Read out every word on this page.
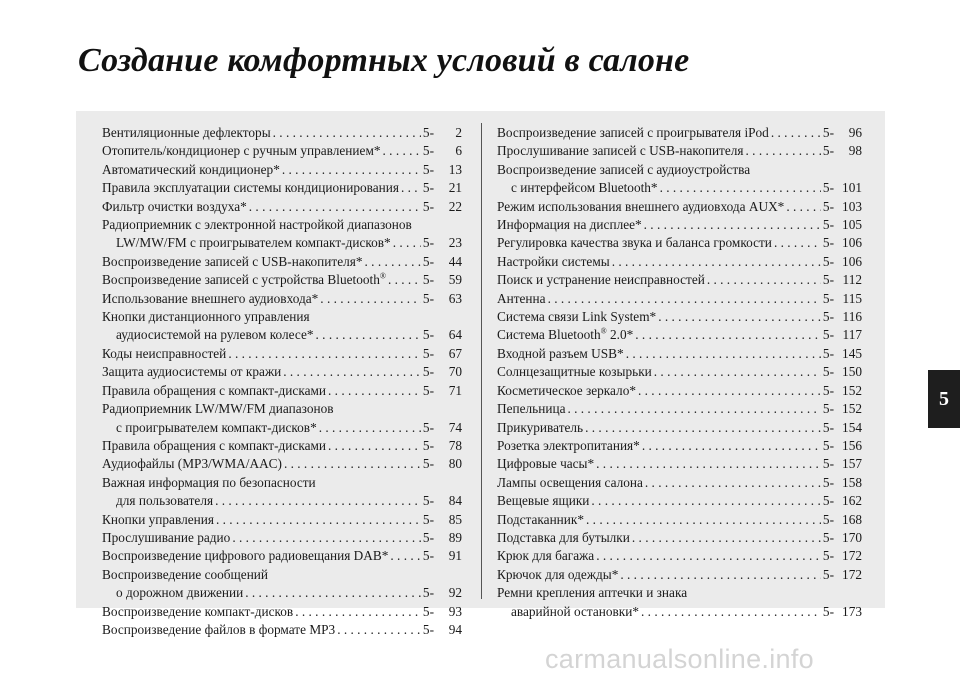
Создание комфортных условий в салоне
Вентиляционные дефлекторы . . .	5-	2
Отопитель/кондиционер с ручным управлением* . . .	5-	6
Автоматический кондиционер* . . .	5-	13
Правила эксплуатации системы кондиционирования . . . 5-	21
Фильтр очистки воздуха* . . .	5-	22
Радиоприемник с электронной настройкой диапазонов
LW/MW/FM с проигрывателем компакт-дисков* . . . 5-	23
Воспроизведение записей с USB-накопителя* . . .	5-	44
Воспроизведение записей с устройства Bluetooth® . . .	5-	59
Использование внешнего аудиовхода* . . .	5-	63
Кнопки дистанционного управления
аудиосистемой на рулевом колесе* . . .	5-	64
Коды неисправностей . . .	5-	67
Защита аудиосистемы от кражи . . .	5-	70
Правила обращения с компакт-дисками . . .	5-	71
Радиоприемник LW/MW/FM диапазонов
с проигрывателем компакт-дисков* . . .	5-	74
Правила обращения с компакт-дисками . . .	5-	78
Аудиофайлы (MP3/WMA/AAC) . . .	5-	80
Важная информация по безопасности
для пользователя . . .	5-	84
Кнопки управления . . .	5-	85
Прослушивание радио . . .	5-	89
Воспроизведение цифрового радиовещания DAB* . . .	5-	91
Воспроизведение сообщений
о дорожном движении . . .	5-	92
Воспроизведение компакт-дисков . . .	5-	93
Воспроизведение файлов в формате MP3 . . .	5-	94
Воспроизведение записей с проигрывателя iPod . . .	5-	96
Прослушивание записей с USB-накопителя . . .	5-	98
Воспроизведение записей с аудиоустройства
с интерфейсом Bluetooth* . . .	5- 101
Режим использования внешнего аудиовхода AUX* . . .	5- 103
Информация на дисплее* . . .	5- 105
Регулировка качества звука и баланса громкости . . .	5- 106
Настройки системы . . .	5- 106
Поиск и устранение неисправностей . . .	5- 112
Антенна . . .	5- 115
Система связи Link System* . . .	5- 116
Система Bluetooth® 2.0* . . .	5- 117
Входной разъем USB* . . .	5- 145
Солнцезащитные козырьки . . .	5- 150
Косметическое зеркало* . . .	5- 152
Пепельница . . .	5- 152
Прикуриватель . . .	5- 154
Розетка электропитания* . . .	5- 156
Цифровые часы* . . .	5- 157
Лампы освещения салона . . .	5- 158
Вещевые ящики . . .	5- 162
Подстаканник* . . .	5- 168
Подставка для бутылки . . .	5- 170
Крюк для багажа . . .	5- 172
Крючок для одежды* . . .	5- 172
Ремни крепления аптечки и знака
аварийной остановки* . . .	5- 173
5
carmanualsonline.info
